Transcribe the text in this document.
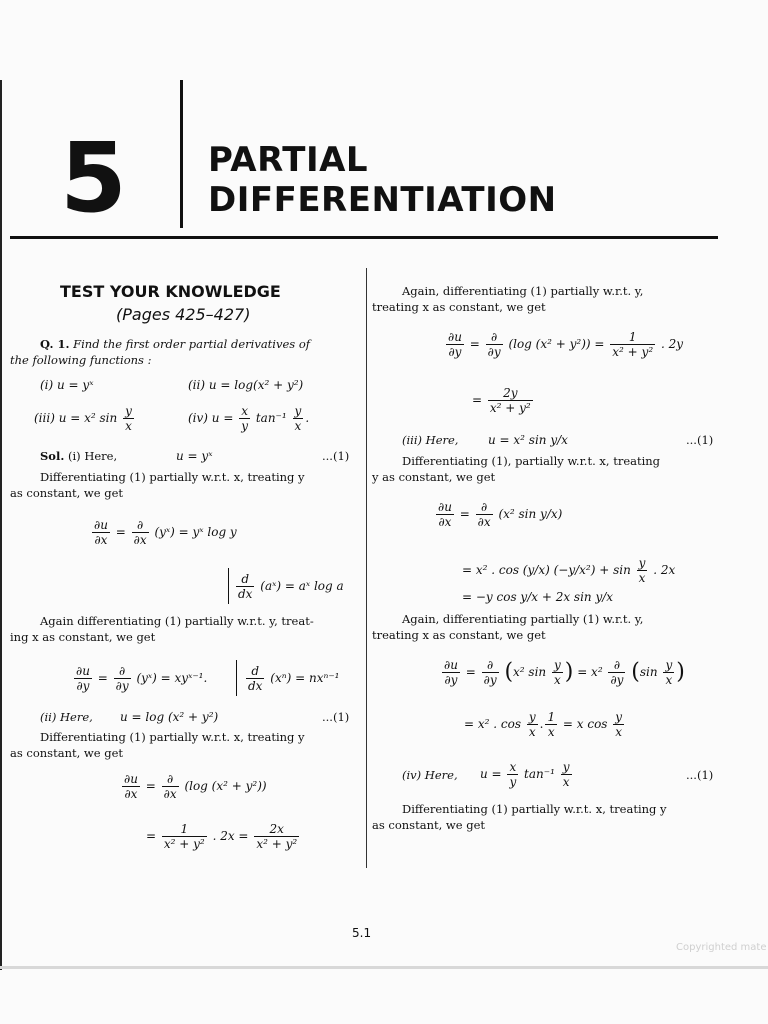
5	PARTIAL
DIFFERENTIATION
TEST YOUR KNOWLEDGE
(Pages 425–427)
Q. 1. Find the first order partial derivatives of
the following functions :
(i) u = yˣ	(ii) u = log(x² + y²)
(iii) u = x² $\sin \frac{y}{x}$	(iv) $u = \frac{x}{y} \tan^{-1} \frac{y}{x}$ .
Sol. (i) Here,	u = yˣ	...(1)
Differentiating (1) partially w.r.t. x, treating y
as constant, we get
$\frac{\partial u}{\partial x} = \frac{\partial}{\partial x}$ (yˣ) = yˣ log y
$\frac{d}{dx}$ (aˣ) = aˣ log a
Again differentiating (1) partially w.r.t. y, treat-
ing x as constant, we get
$\frac{\partial u}{\partial y} = \frac{\partial}{\partial y}$ (yˣ) = xyˣ⁻¹.	$\frac{d}{dx} (x^n) = nx^{n-1}$
(ii) Here, u = log (x² + y²)	...(1)
Differentiating (1) partially w.r.t. x, treating y
as constant, we get
$\frac{\partial u}{\partial x} = \frac{\partial}{\partial x} (\log$ (x² + y²))
= $\frac{1}{\text{x² + y²}}$ . $2x = \frac{2x}{\text{x² + y²}}$
Again, differentiating (1) partially w.r.t. y,
treating x as constant, we get
$\frac{\partial u}{\partial y} = \frac{\partial}{\partial y} (\log$ $(x^2 + y^2)) = \frac{1}{\text{x² + y²}}$ . 2y
= $\frac{2y}{\text{x² + y²}}$
(iii) Here, u = x² sin y/x	...(1)
Differentiating (1), partially w.r.t. x, treating
y as constant, we get
$\frac{\partial u}{\partial x} = \frac{\partial}{\partial x} (x^2$ sin y/x)
= x² . cos (y/x) $(-y/x^2) + \sin \frac{y}{x}$ . 2x
= −y cos y/x + 2x sin y/x
Again, differentiating partially (1) w.r.t. y,
treating x as constant, we get
$\frac{\partial u}{\partial y} = \frac{\partial}{\partial y} (x^2$ $\sin \frac{y}{x}$ ) = $x^2 \frac{\partial}{\partial y} (\sin \frac{y}{x}$ )
= x² . $\cos \frac{y}{x}$ . $\frac{1}{x} = x$ $\cos \frac{y}{x}$
(iv) Here, $u = \frac{x}{y} \tan^{-1} \frac{y}{x}$	...(1)
Differentiating (1) partially w.r.t. x, treating y
as constant, we get
5.1
Copyrighted mate
